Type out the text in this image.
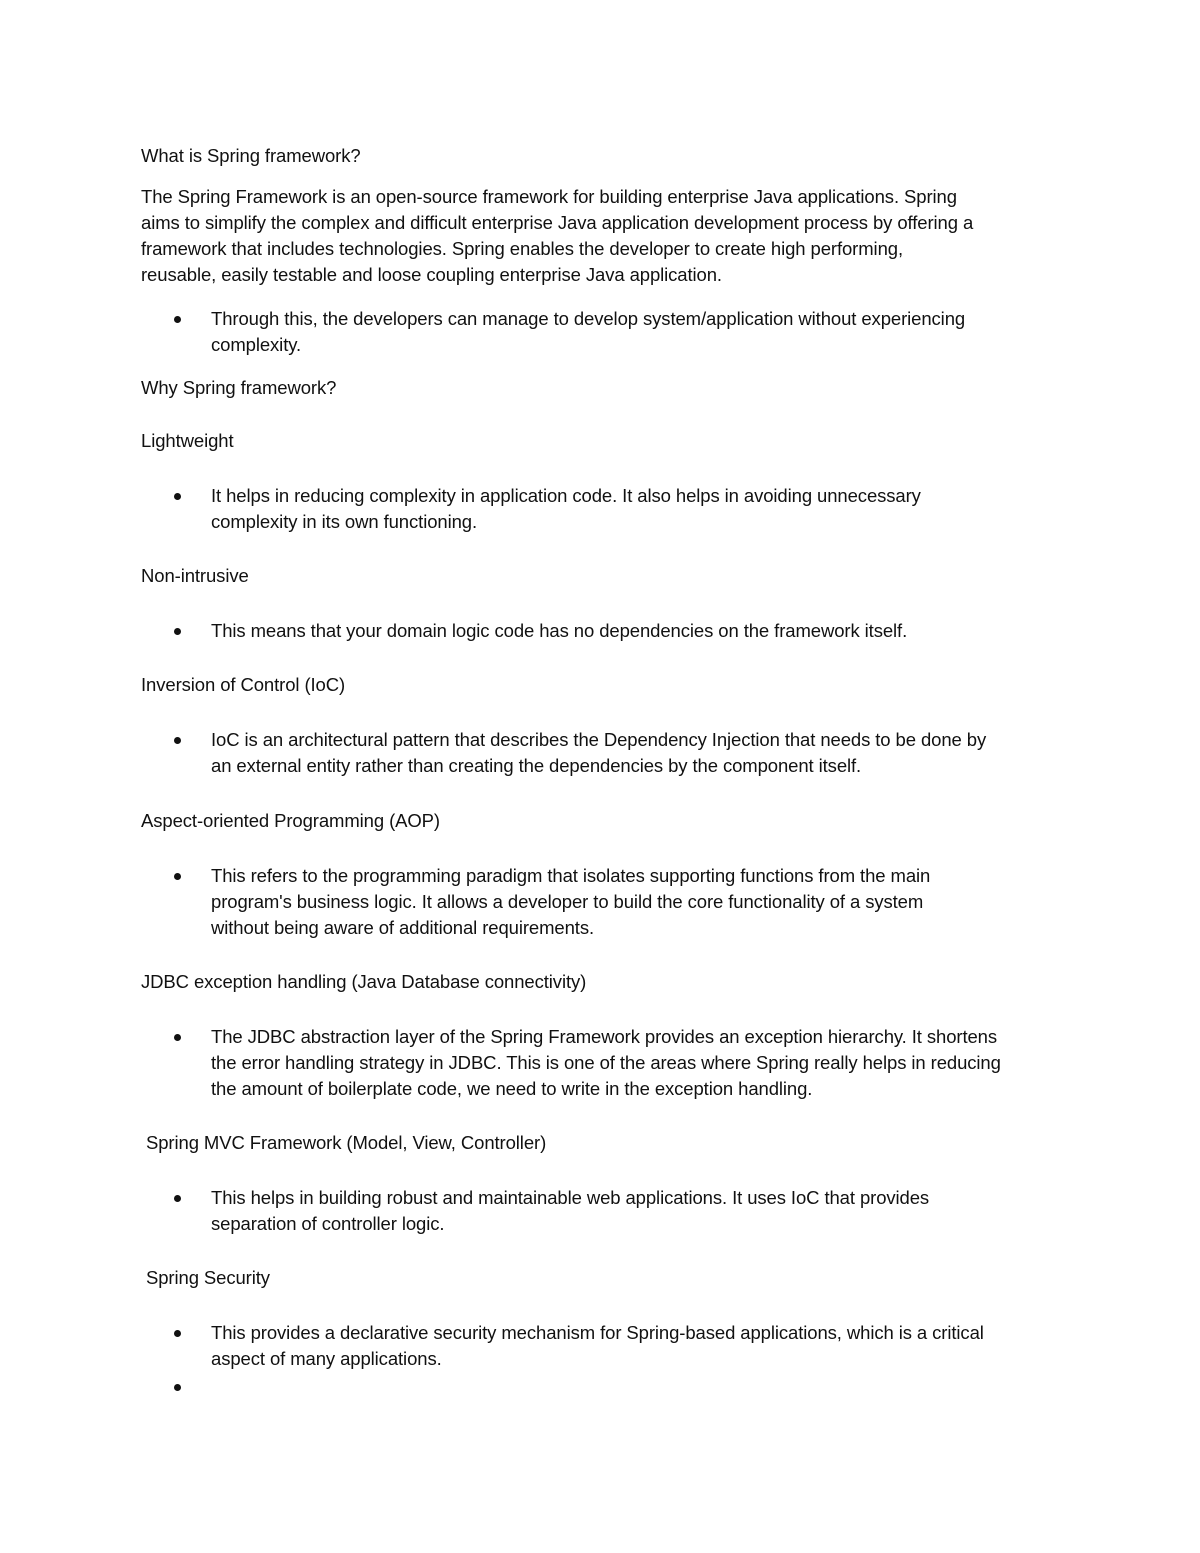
What is Spring framework?
The Spring Framework is an open-source framework for building enterprise Java applications. Spring
aims to simplify the complex and difficult enterprise Java application development process by offering a
framework that includes technologies. Spring enables the developer to create high performing,
reusable, easily testable and loose coupling enterprise Java application.
Through this, the developers can manage to develop system/application without experiencing
complexity.
Why Spring framework?
Lightweight
It helps in reducing complexity in application code. It also helps in avoiding unnecessary
complexity in its own functioning.
Non-intrusive
This means that your domain logic code has no dependencies on the framework itself.
Inversion of Control (IoC)
IoC is an architectural pattern that describes the Dependency Injection that needs to be done by
an external entity rather than creating the dependencies by the component itself.
Aspect-oriented Programming (AOP)
This refers to the programming paradigm that isolates supporting functions from the main
program's business logic. It allows a developer to build the core functionality of a system
without being aware of additional requirements.
JDBC exception handling (Java Database connectivity)
The JDBC abstraction layer of the Spring Framework provides an exception hierarchy. It shortens
the error handling strategy in JDBC. This is one of the areas where Spring really helps in reducing
the amount of boilerplate code, we need to write in the exception handling.
Spring MVC Framework (Model, View, Controller)
This helps in building robust and maintainable web applications. It uses IoC that provides
separation of controller logic.
Spring Security
This provides a declarative security mechanism for Spring-based applications, which is a critical
aspect of many applications.
